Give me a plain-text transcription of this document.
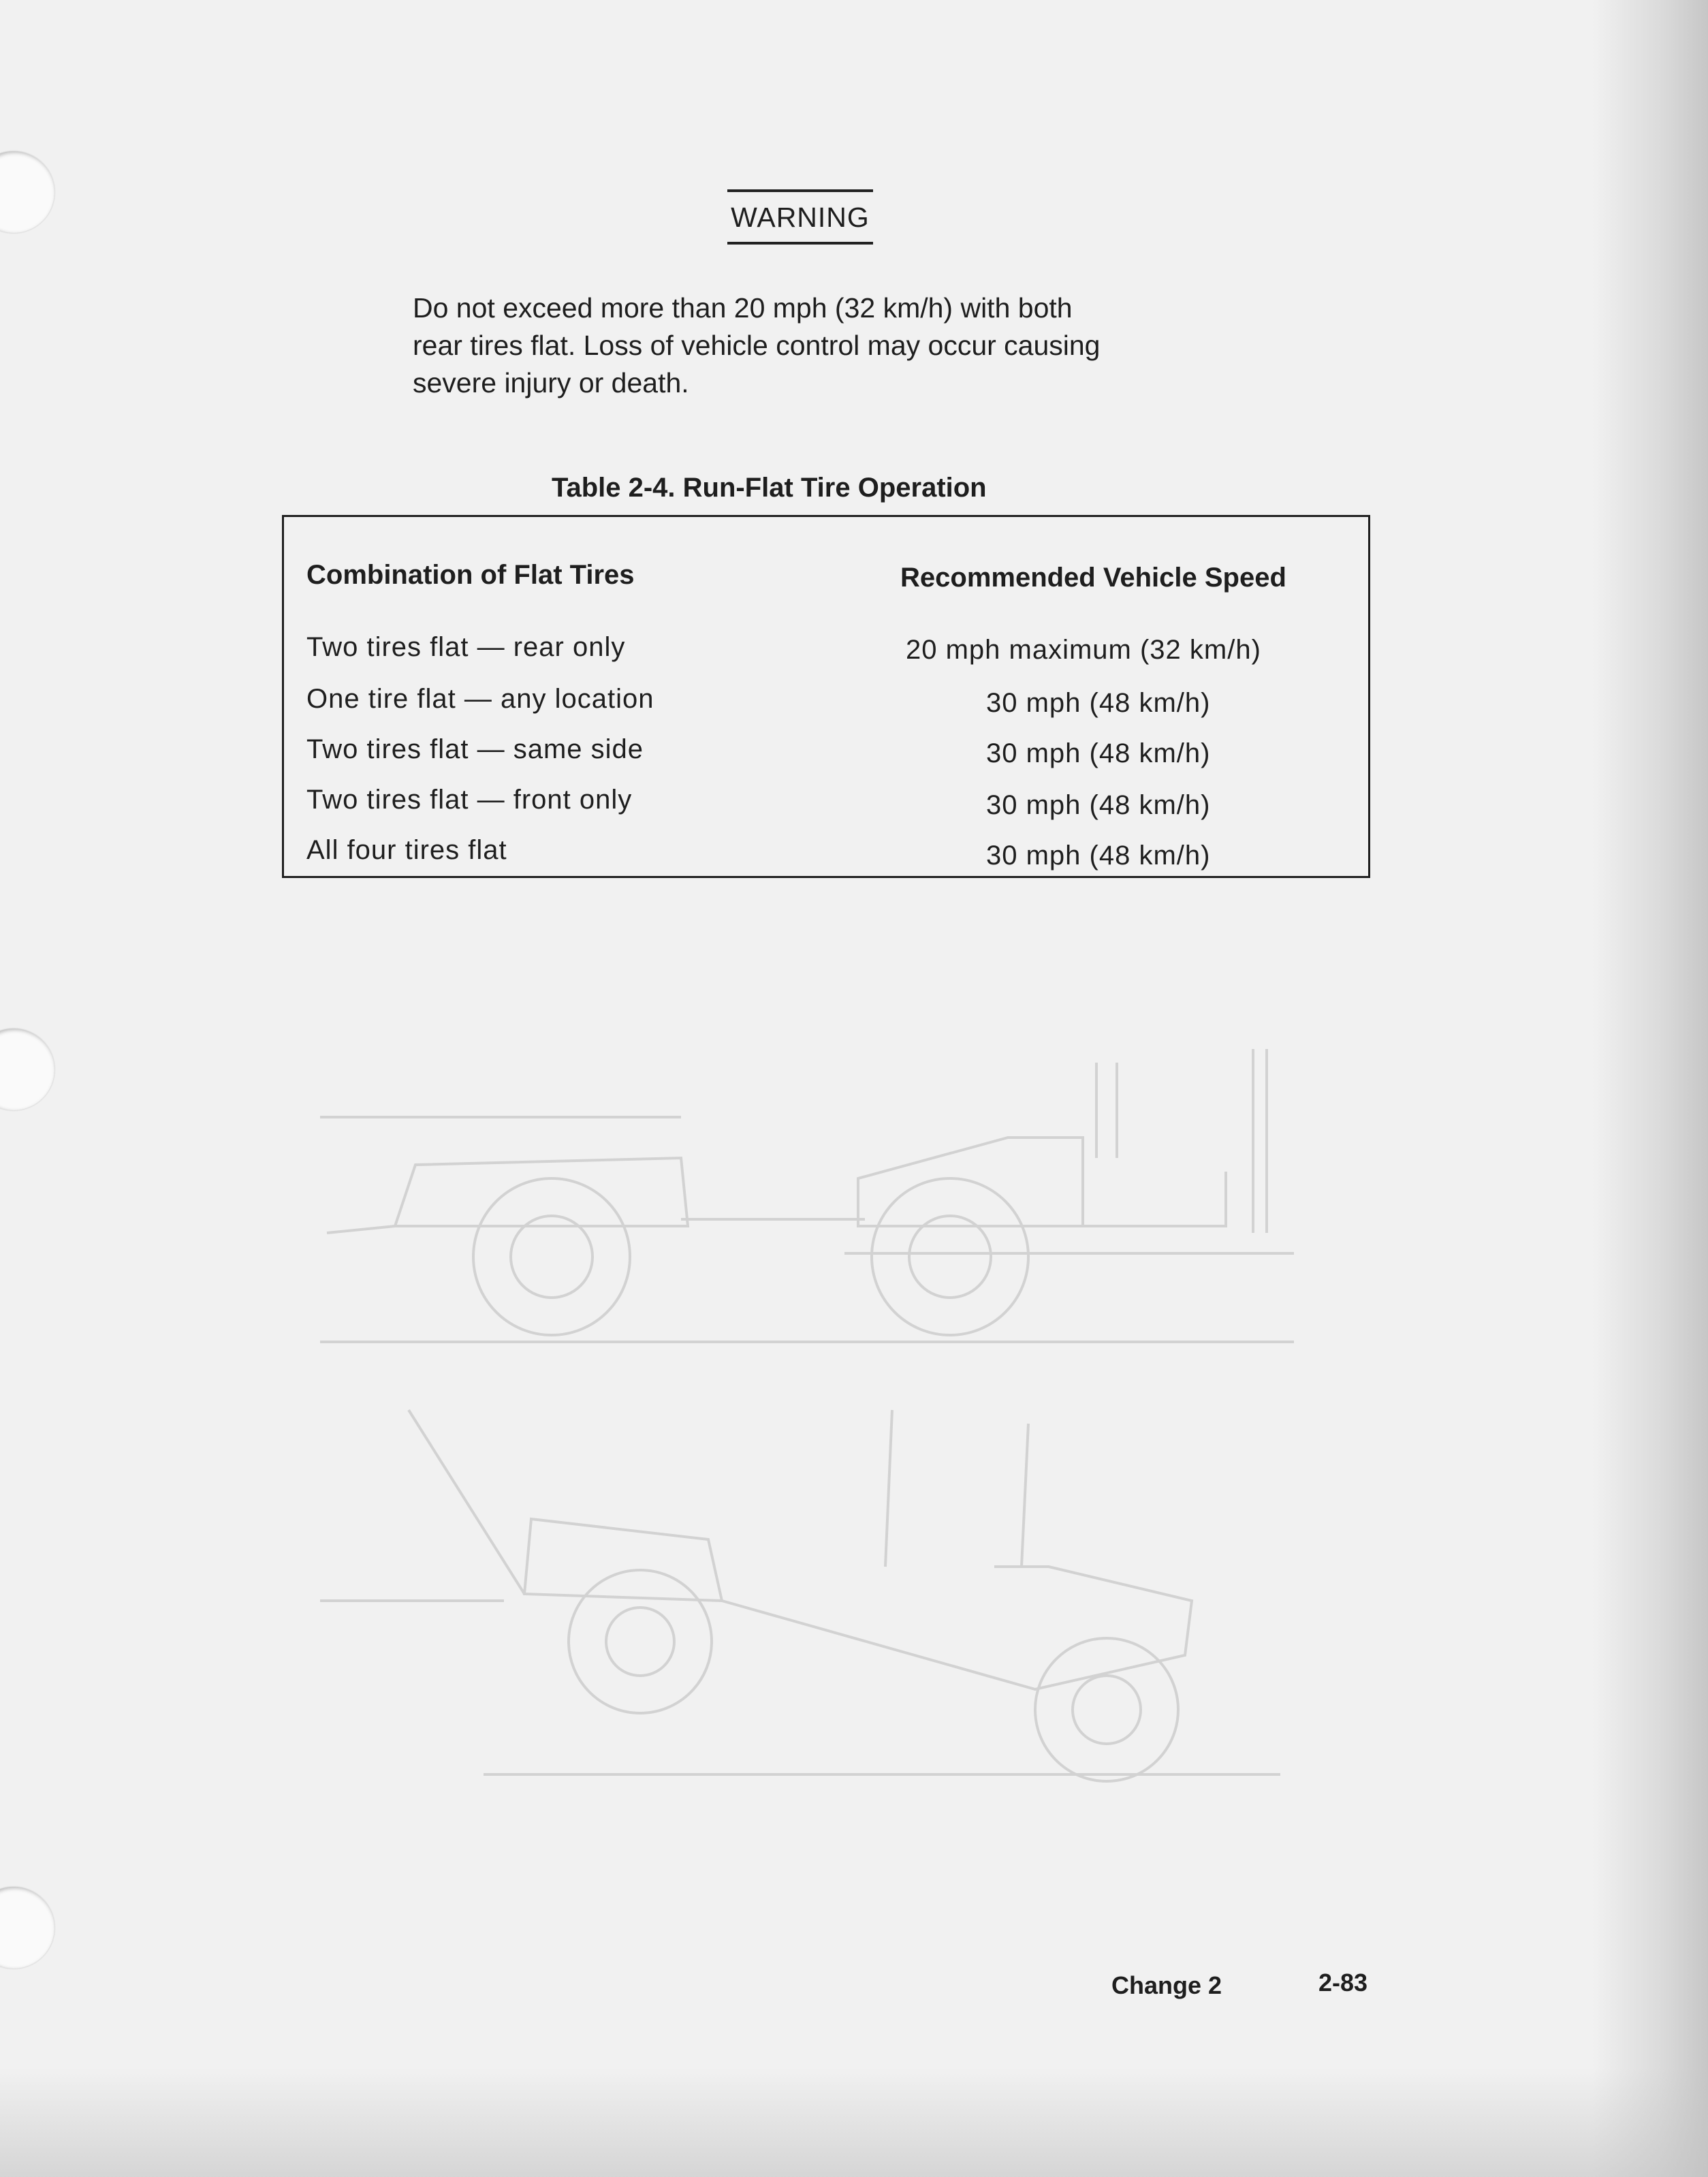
WARNING
Do not exceed more than 20 mph (32 km/h) with both
rear tires flat. Loss of vehicle control may occur causing
severe injury or death.
Table 2-4. Run-Flat Tire Operation
Combination of Flat Tires	Recommended Vehicle Speed
Two tires flat — rear only	20 mph maximum (32 km/h)
One tire flat — any location	30 mph (48 km/h)
Two tires flat — same side	30 mph (48 km/h)
Two tires flat — front only	30 mph (48 km/h)
All four tires flat	30 mph (48 km/h)
Change 2	2-83
